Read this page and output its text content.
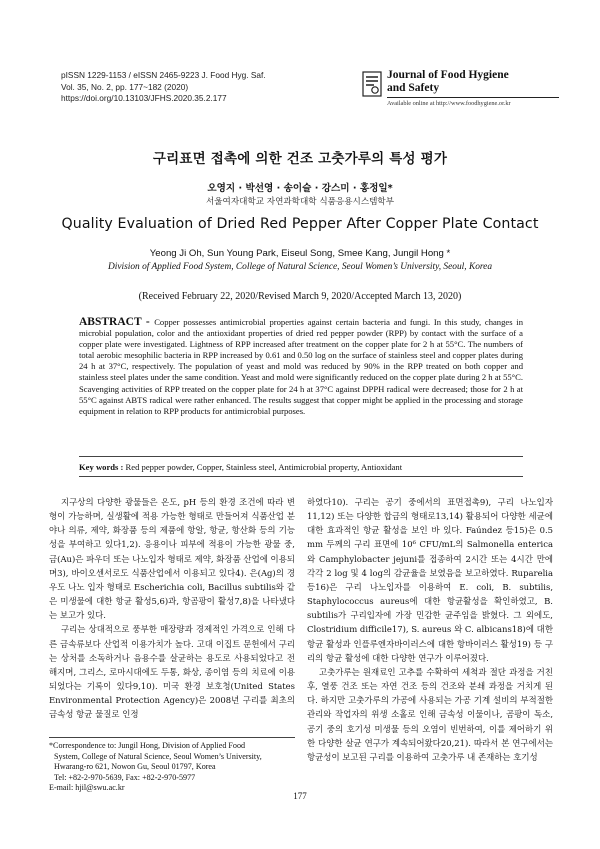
pISSN 1229-1153 / eISSN 2465-9223 J. Food Hyg. Saf.
Vol. 35, No. 2, pp. 177~182 (2020)
https://doi.org/10.13103/JFHS.2020.35.2.177
Journal of Food Hygiene
and Safety
Available online at http://www.foodhygiene.or.kr
구리표면 접촉에 의한 건조 고춧가루의 특성 평가
오영지 · 박선영 · 송이슬 · 강스미 · 홍정일*
서울여자대학교 자연과학대학 식품응용시스템학부
Quality Evaluation of Dried Red Pepper After Copper Plate Contact
Yeong Ji Oh, Sun Young Park, Eiseul Song, Smee Kang, Jungil Hong *
Division of Applied Food System, College of Natural Science, Seoul Women’s University, Seoul, Korea
(Received February 22, 2020/Revised March 9, 2020/Accepted March 13, 2020)
ABSTRACT - Copper possesses antimicrobial properties against certain bacteria and fungi. In this study, changes in microbial population, color and the antioxidant properties of dried red pepper powder (RPP) by contact with the surface of a copper plate were investigated. Lightness of RPP increased after treatment on the copper plate for 2 h at 55°C. The numbers of total aerobic mesophilic bacteria in RPP increased by 0.61 and 0.50 log on the surface of stainless steel and copper plates during 24 h at 37°C, respectively. The population of yeast and mold was reduced by 90% in the RPP treated on both copper and stainless steel plates under the same condition. Yeast and mold were significantly reduced on the copper plate during 2 h at 55°C. Scavenging activities of RPP treated on the copper plate for 24 h at 37°C against DPPH radical were decreased; those for 2 h at 55°C against ABTS radical were rather enhanced. The results suggest that copper might be applied in the processing and storage equipment in relation to RPP products for antimicrobial purposes.
Key words : Red pepper powder, Copper, Stainless steel, Antimicrobial property, Antioxidant

지구상의 다양한 광물들은 온도, pH 등의 환경 조건에 따라 변형이 가능하며, 실생활에 적용 가능한 형태로 만들어져 식품산업 분야나 의류, 제약, 화장품 등의 제품에 항알, 항균, 항산화 등의 기능성을 부여하고 있다1,2). 응용이나 피부에 적용이 가능한 광물 중, 금(Au)은 파우더 또는 나노입자 형태로 제약, 화장품 산업에 이용되며3), 바이오센서로도 식품산업에서 이용되고 있다4). 은(Ag)의 경우도 나노 입자 형태로 Escherichia coli, Bacillus subtilis와 같은 미생물에 대한 항균 활성5,6)과, 항곰팡이 활성7,8)을 나타냈다는 보고가 있다.

구리는 상대적으로 풍부한 매장량과 경제적인 가격으로 인해 다른 금속류보다 산업적 이용가치가 높다. 고대 이집트 문헌에서 구리는 상처를 소독하거나 음용수를 살균하는 용도로 사용되었다고 전해지며, 그리스, 로마시대에도 두통, 화상, 종이염 등의 치료에 이용되었다는 기록이 있다9,10). 미국 환경 보호청(United States Environmental Protection Agency)은 2008년 구리를 최초의 금속성 항균 물질로 인정

하였다10). 구리는 공기 중에서의 표면접촉9), 구리 나노입자11,12) 또는 다양한 합금의 형태로13,14) 활용되어 다양한 세균에 대한 효과적인 항균 활성을 보인 바 있다. Faúndez 등15)은 0.5 mm 두께의 구리 표면에 10⁶ CFU/mL의 Salmonella enterica와 Camphylobacter jejuni를 접종하여 2시간 또는 4시간 만에 각각 2 log 및 4 log의 감균율을 보였음을 보고하였다. Ruparelia 등16)은 구리 나노입자를 이용하여 E. coli, B. subtilis, Staphylococcus aureus에 대한 항균활성을 확인하였고, B. subtilis가 구리입자에 가장 민감한 균주임을 밝혔다. 그 외에도, Clostridium difficile17), S. aureus 와 C. albicans18)에 대한 항균 활성과 인플루엔자바이러스에 대한 항바이러스 활성19) 등 구리의 항균 활성에 대한 다양한 연구가 이루어졌다.

고춧가루는 원재료인 고추를 수확하여 세척과 절단 과정을 거친 후, 열풍 건조 또는 자연 건조 등의 건조와 분쇄 과정을 거치게 된다. 하지만 고춧가루의 가공에 사용되는 가공 기계 설비의 부적절한 관리와 작업자의 위생 소홀로 인해 금속성 이물이나, 곰팡이 독소, 공기 중의 호기성 미생물 등의 오염이 빈번하여, 이를 제어하기 위한 다양한 살균 연구가 계속되어왔다20,21). 따라서 본 연구에서는 항균성이 보고된 구리를 이용하여 고춧가루 내 존재하는 호기성

*Correspondence to: Jungil Hong, Division of Applied Food
System, College of Natural Science, Seoul Women’s University,
Hwarang-ro 621, Nowon Gu, Seoul 01797, Korea
Tel: +82-2-970-5639, Fax: +82-2-970-5977
E-mail: hjil@swu.ac.kr
177
